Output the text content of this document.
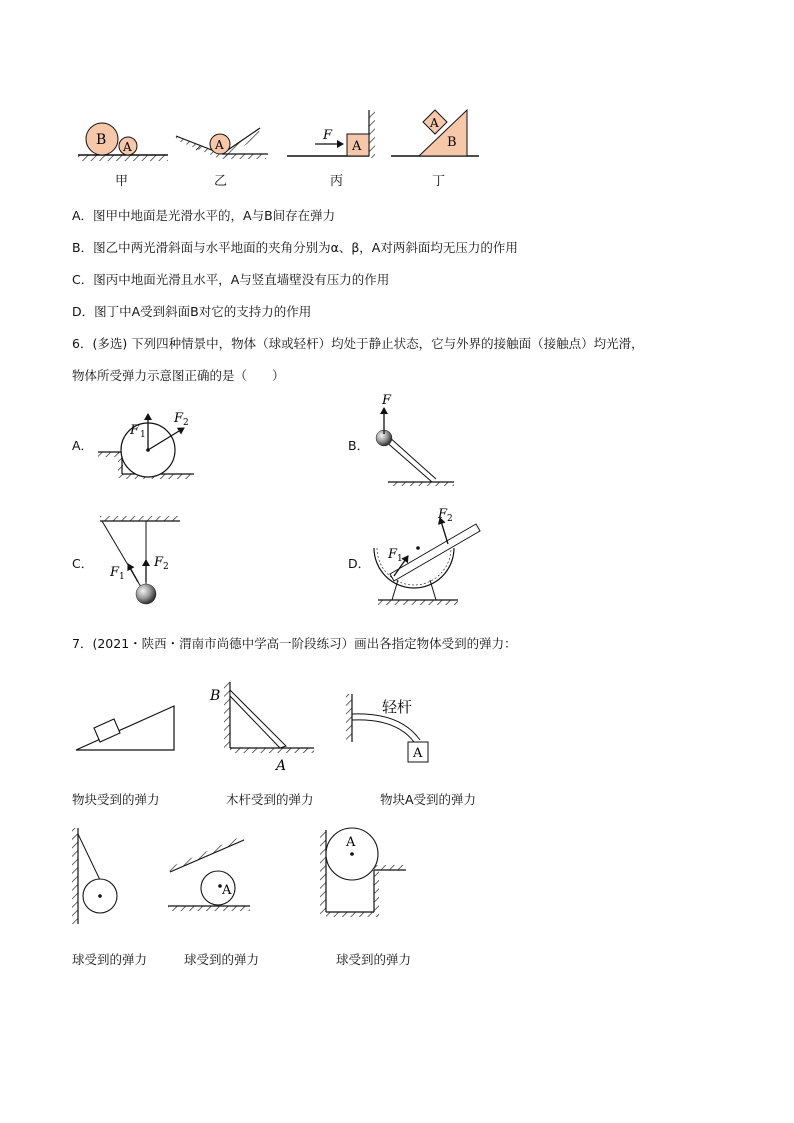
B A
甲
A
乙
A
F
丙
A
B
丁
A．图甲中地面是光滑水平的，A与B间存在弹力
B．图乙中两光滑斜面与水平地面的夹角分别为α、β，A对两斜面均无压力的作用
C．图丙中地面光滑且水平，A与竖直墙壁没有压力的作用
D．图丁中A受到斜面B对它的支持力的作用
6．(多选) 下列四种情景中，物体（球或轻杆）均处于静止状态，它与外界的接触面（接触点）均光滑，
物体所受弹力示意图正确的是（　　）
A．
F 1
F 2
B．
F
C．
F 1
F 2	D．
F 1
F 2
7．(2021・陕西・渭南市尚德中学高一阶段练习）画出各指定物体受到的弹力：
B
A
A
轻杆
物块受到的弹力	木杆受到的弹力	物块A受到的弹力
A
A
球受到的弹力	球受到的弹力	球受到的弹力
